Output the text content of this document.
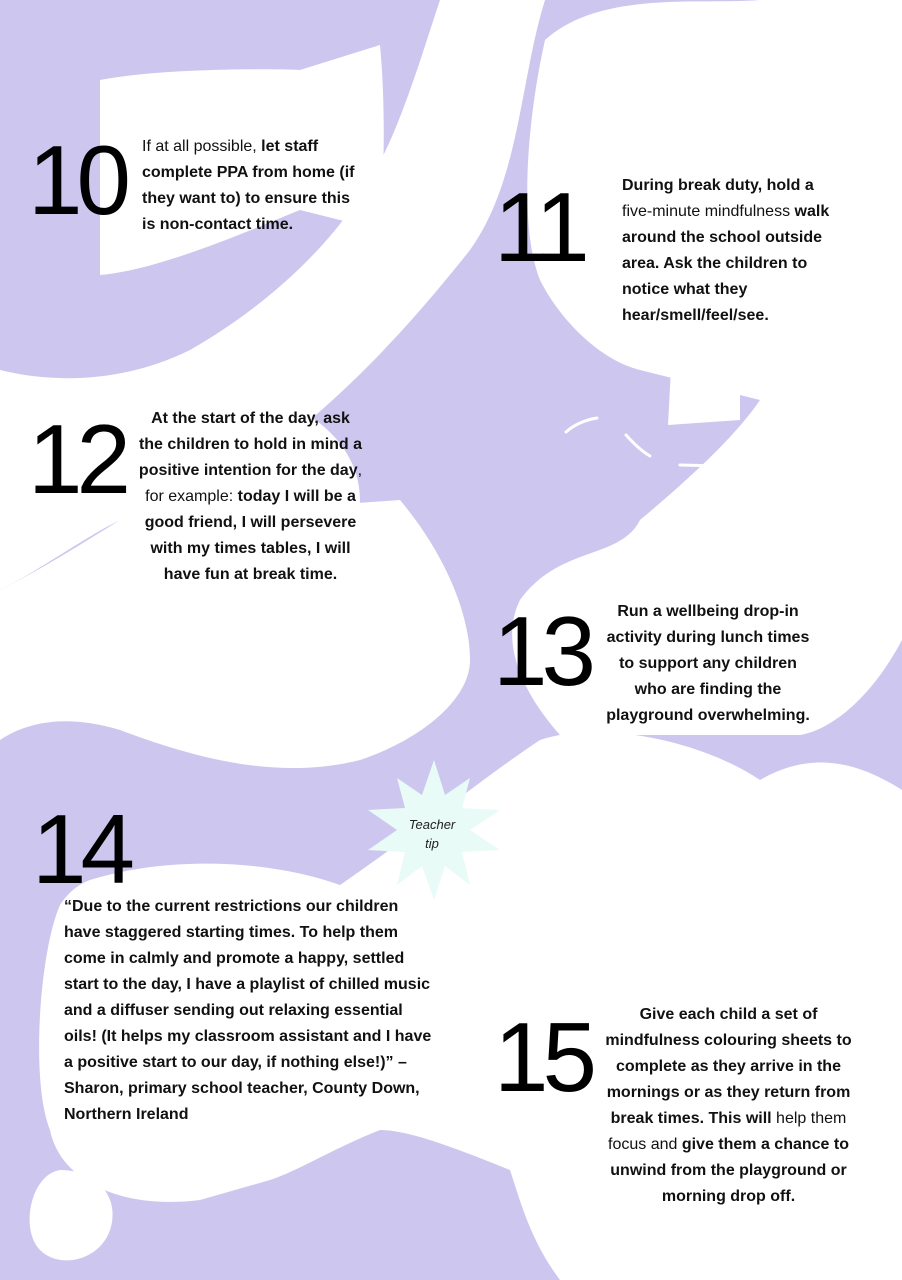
10 If at all possible, let staff complete PPA from home (if they want to) to ensure this is non-contact time.	11 During break duty, hold a five-minute mindfulness walk around the school outside area. Ask the children to notice what they hear/smell/feel/see.
12	At the start of the day, ask the children to hold in mind a positive intention for the day, for example: today I will be a good friend, I will persevere with my times tables, I will have fun at break time.
13	Run a wellbeing drop-in activity during lunch times to support any children who are finding the playground overwhelming.
Teacher
tip
14
“Due to the current restrictions our children have staggered starting times. To help them come in calmly and promote a happy, settled start to the day, I have a playlist of chilled music and a diffuser sending out relaxing essential oils! (It helps my classroom assistant and I have a positive start to our day, if nothing else!)” – Sharon, primary school teacher, County Down, Northern Ireland
15	Give each child a set of mindfulness colouring sheets to complete as they arrive in the mornings or as they return from break times. This will help them focus and give them a chance to unwind from the playground or morning drop off.
